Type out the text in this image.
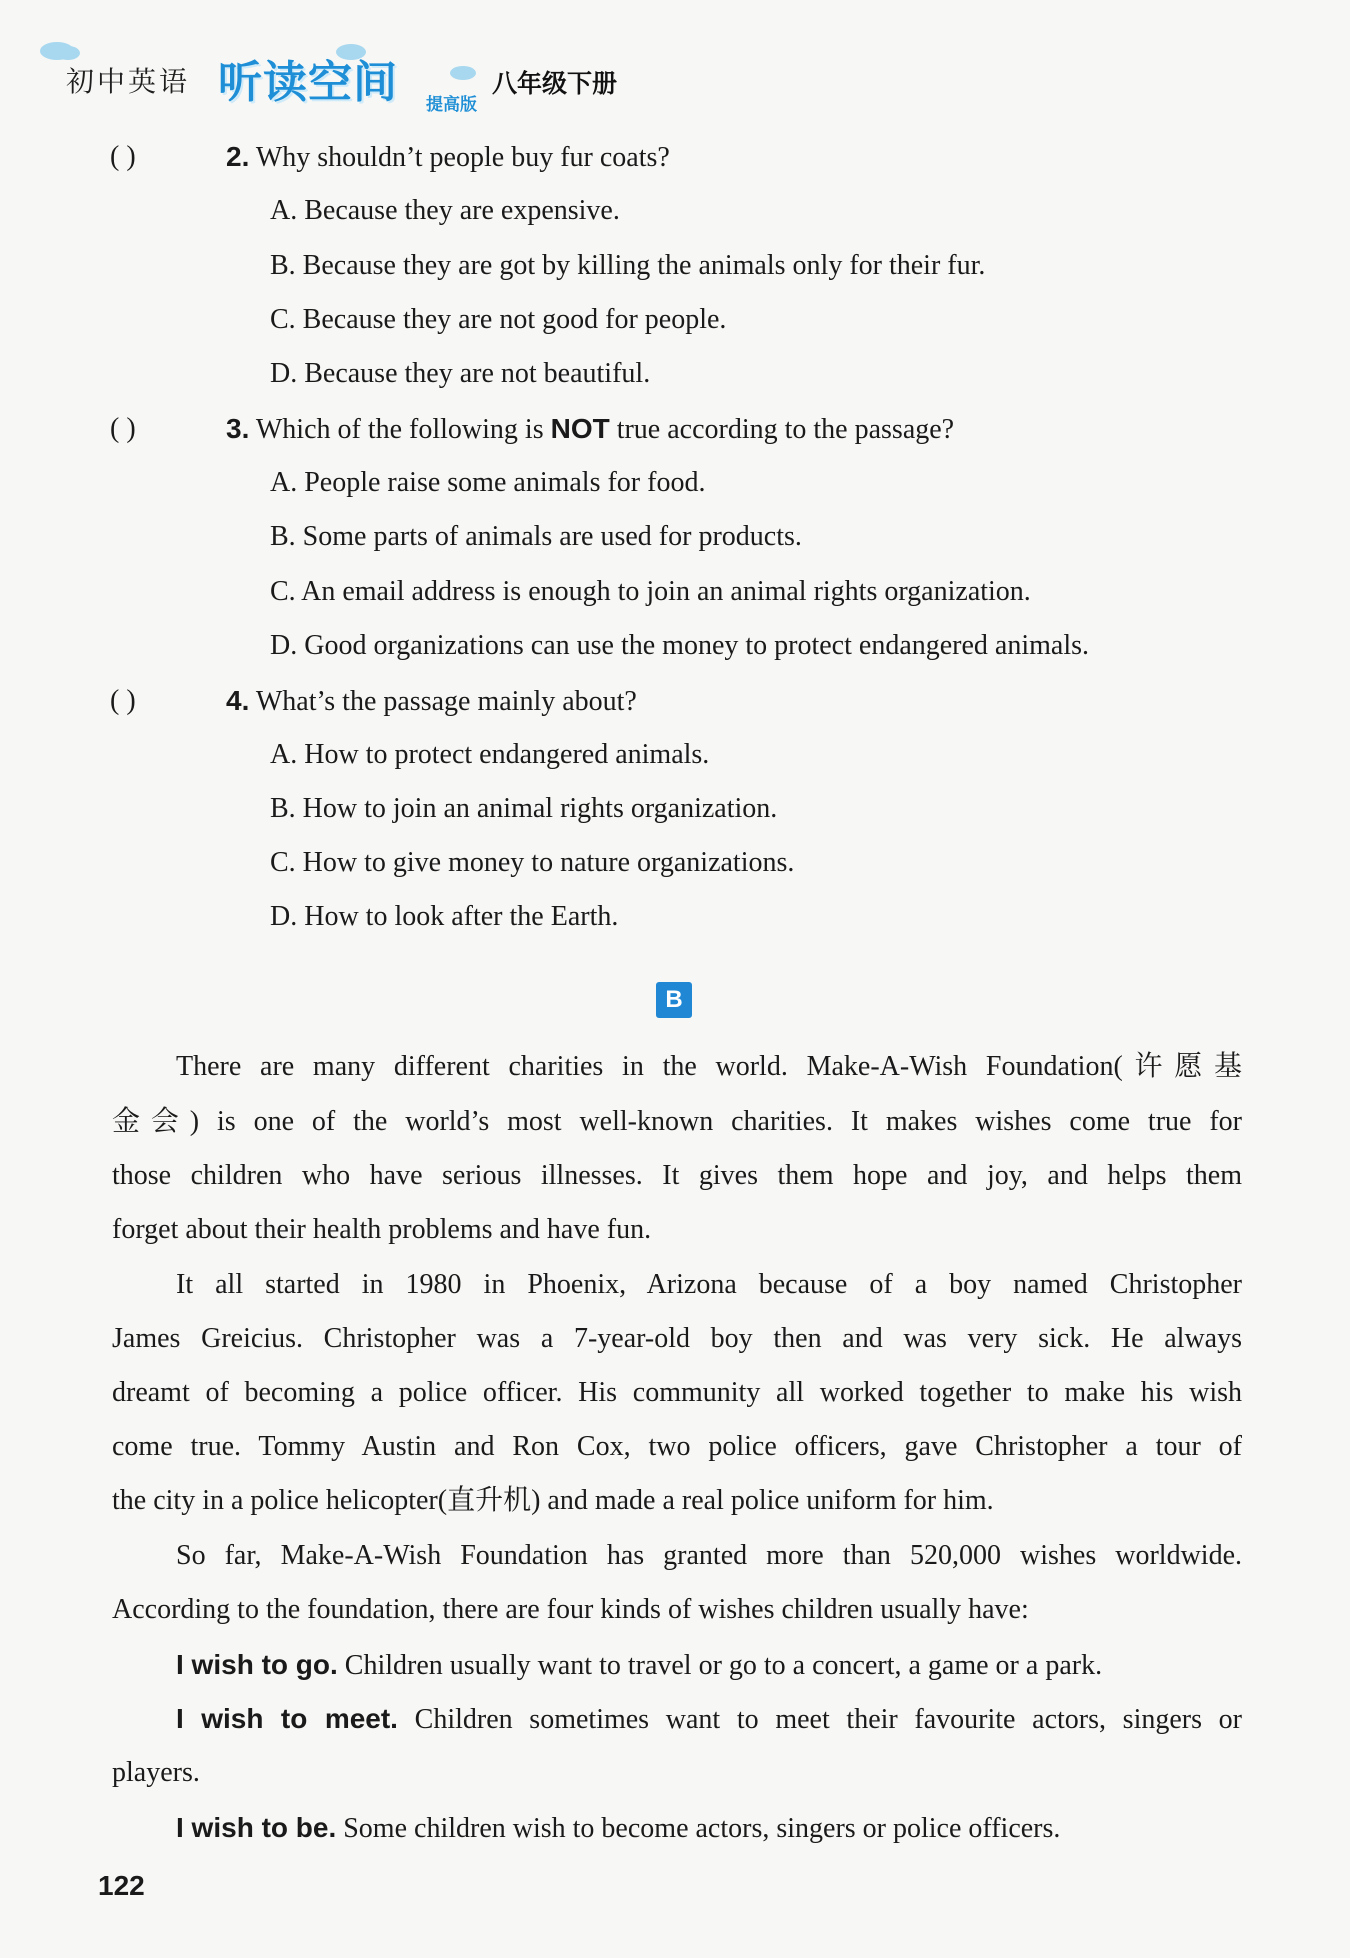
初中英语 听读空间 提高版
八年级下册
( )	2. Why shouldn’t people buy fur coats?
A. Because they are expensive.
B. Because they are got by killing the animals only for their fur.
C. Because they are not good for people.
D. Because they are not beautiful.
( )	3. Which of the following is NOT true according to the passage?
A. People raise some animals for food.
B. Some parts of animals are used for products.
C. An email address is enough to join an animal rights organization.
D. Good organizations can use the money to protect endangered animals.
( )	4. What’s the passage mainly about?
A. How to protect endangered animals.
B. How to join an animal rights organization.
C. How to give money to nature organizations.
D. How to look after the Earth.
B
There are many different charities in the world. Make-A-Wish Foundation(许愿基
金会) is one of the world’s most well-known charities. It makes wishes come true for
those children who have serious illnesses. It gives them hope and joy, and helps them
forget about their health problems and have fun.
It all started in 1980 in Phoenix, Arizona because of a boy named Christopher
James Greicius. Christopher was a 7-year-old boy then and was very sick. He always
dreamt of becoming a police officer. His community all worked together to make his wish
come true. Tommy Austin and Ron Cox, two police officers, gave Christopher a tour of
the city in a police helicopter(直升机) and made a real police uniform for him.
So far, Make-A-Wish Foundation has granted more than 520,000 wishes worldwide.
According to the foundation, there are four kinds of wishes children usually have:
I wish to go. Children usually want to travel or go to a concert, a game or a park.
I wish to meet. Children sometimes want to meet their favourite actors, singers or
players.
I wish to be. Some children wish to become actors, singers or police officers.
122
